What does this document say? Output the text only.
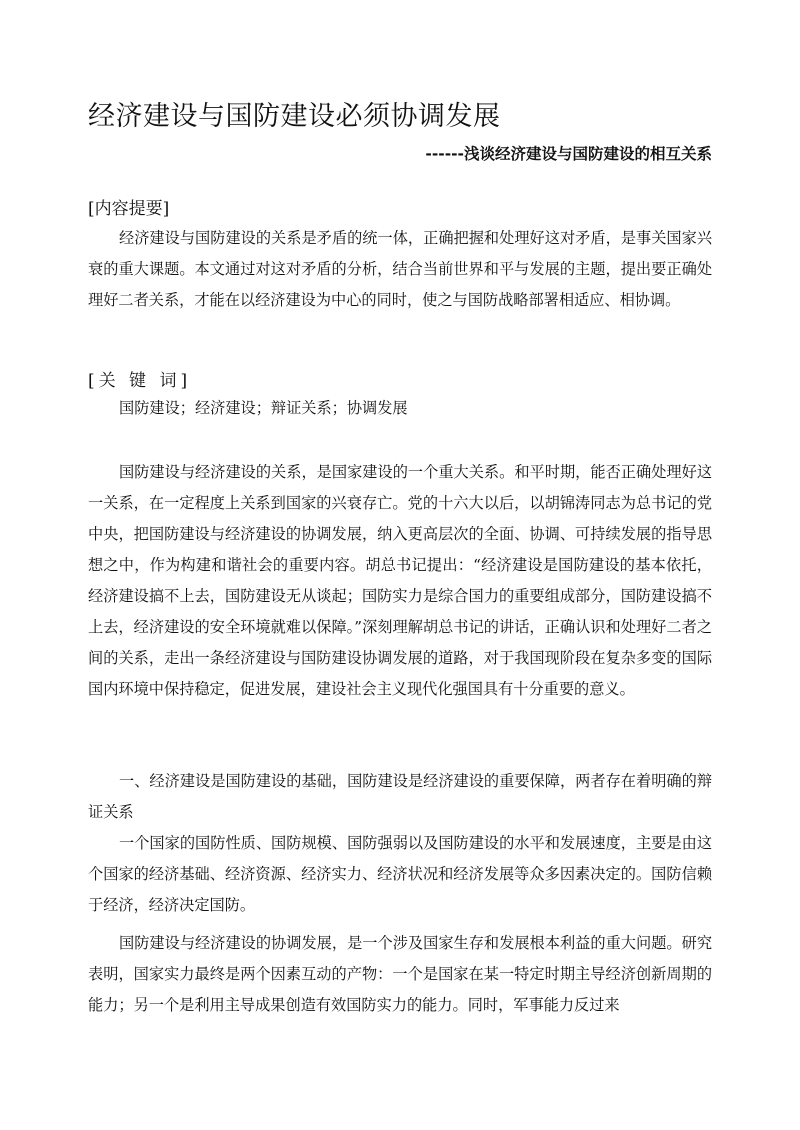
经济建设与国防建设必须协调发展
------浅谈经济建设与国防建设的相互关系
[内容提要]

经济建设与国防建设的关系是矛盾的统一体，正确把握和处理好这对矛盾，是事关国家兴衰的重大课题。本文通过对这对矛盾的分析，结合当前世界和平与发展的主题，提出要正确处理好二者关系，才能在以经济建设为中心的同时，使之与国防战略部署相适应、相协调。

[关 键 词]

国防建设；经济建设；辩证关系；协调发展

国防建设与经济建设的关系，是国家建设的一个重大关系。和平时期，能否正确处理好这一关系，在一定程度上关系到国家的兴衰存亡。党的十六大以后，以胡锦涛同志为总书记的党中央，把国防建设与经济建设的协调发展，纳入更高层次的全面、协调、可持续发展的指导思想之中，作为构建和谐社会的重要内容。胡总书记提出：“经济建设是国防建设的基本依托，经济建设搞不上去，国防建设无从谈起；国防实力是综合国力的重要组成部分，国防建设搞不上去，经济建设的安全环境就难以保障。”深刻理解胡总书记的讲话，正确认识和处理好二者之间的关系，走出一条经济建设与国防建设协调发展的道路，对于我国现阶段在复杂多变的国际国内环境中保持稳定，促进发展，建设社会主义现代化强国具有十分重要的意义。

一、经济建设是国防建设的基础，国防建设是经济建设的重要保障，两者存在着明确的辩证关系

一个国家的国防性质、国防规模、国防强弱以及国防建设的水平和发展速度，主要是由这个国家的经济基础、经济资源、经济实力、经济状况和经济发展等众多因素决定的。国防信赖于经济，经济决定国防。

国防建设与经济建设的协调发展，是一个涉及国家生存和发展根本利益的重大问题。研究表明，国家实力最终是两个因素互动的产物：一个是国家在某一特定时期主导经济创新周期的能力；另一个是利用主导成果创造有效国防实力的能力。同时，军事能力反过来
